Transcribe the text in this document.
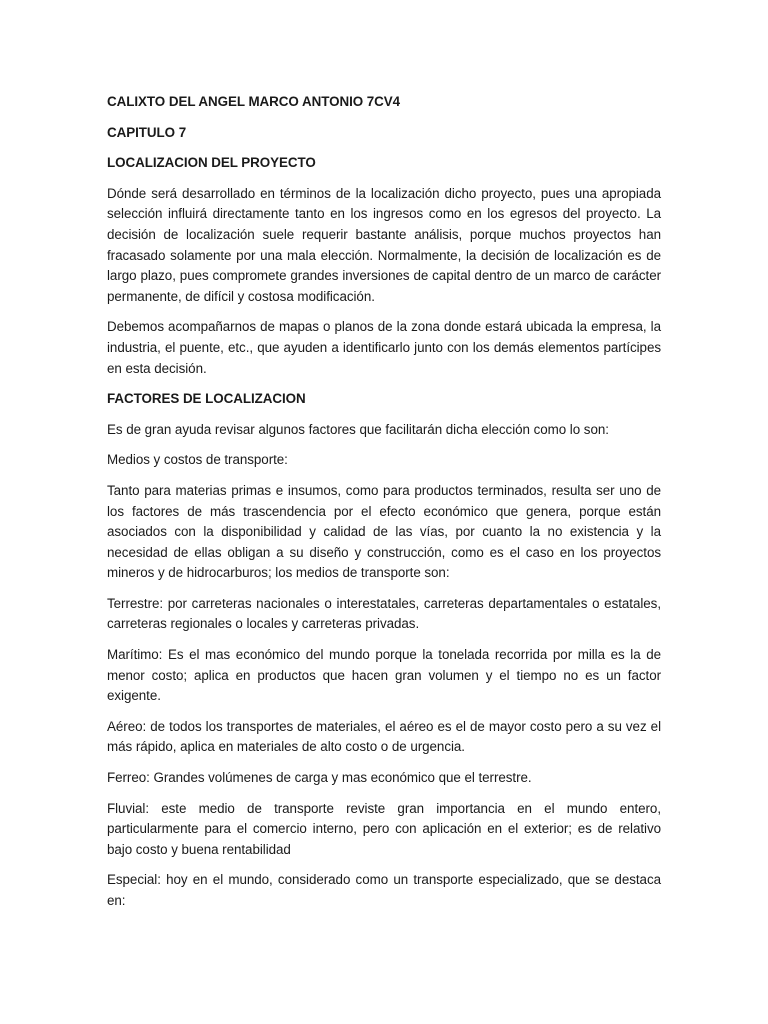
CALIXTO DEL ANGEL MARCO ANTONIO 7CV4

CAPITULO 7

LOCALIZACION DEL PROYECTO

Dónde será desarrollado en términos de la localización dicho proyecto, pues una apropiada selección influirá directamente tanto en los ingresos como en los egresos del proyecto. La decisión de localización suele requerir bastante análisis, porque muchos proyectos han fracasado solamente por una mala elección. Normalmente, la decisión de localización es de largo plazo, pues compromete grandes inversiones de capital dentro de un marco de carácter permanente, de difícil y costosa modificación.

Debemos acompañarnos de mapas o planos de la zona donde estará ubicada la empresa, la industria, el puente, etc., que ayuden a identificarlo junto con los demás elementos partícipes en esta decisión.

FACTORES DE LOCALIZACION

Es de gran ayuda revisar algunos factores que facilitarán dicha elección como lo son:

Medios y costos de transporte:

Tanto para materias primas e insumos, como para productos terminados, resulta ser uno de los factores de más trascendencia por el efecto económico que genera, porque están asociados con la disponibilidad y calidad de las vías, por cuanto la no existencia y la necesidad de ellas obligan a su diseño y construcción, como es el caso en los proyectos mineros y de hidrocarburos; los medios de transporte son:

Terrestre: por carreteras nacionales o interestatales, carreteras departamentales o estatales, carreteras regionales o locales y carreteras privadas.

Marítimo: Es el mas económico del mundo porque la tonelada recorrida por milla es la de menor costo; aplica en productos que hacen gran volumen y el tiempo no es un factor exigente.

Aéreo: de todos los transportes de materiales, el aéreo es el de mayor costo pero a su vez el más rápido, aplica en materiales de alto costo o de urgencia.

Ferreo: Grandes volúmenes de carga y mas económico que el terrestre.

Fluvial: este medio de transporte reviste gran importancia en el mundo entero, particularmente para el comercio interno, pero con aplicación en el exterior; es de relativo bajo costo y buena rentabilidad

Especial: hoy en el mundo, considerado como un transporte especializado, que se destaca en:
